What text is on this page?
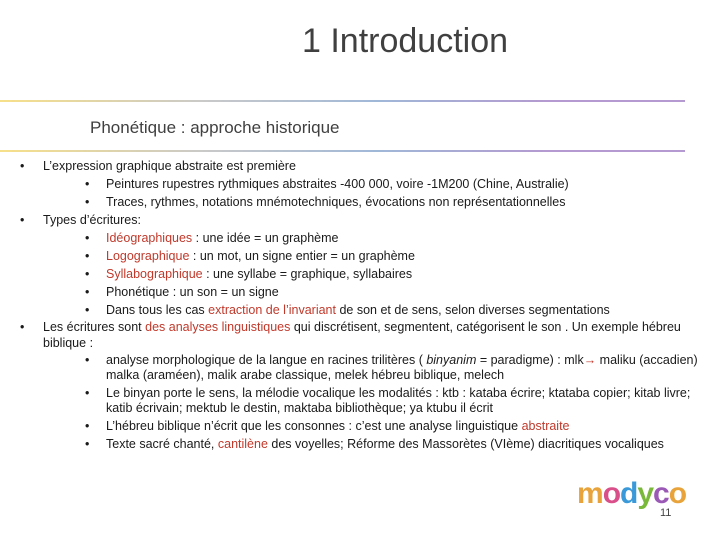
1 Introduction
Phonétique : approche historique
• L’expression graphique abstraite est première
• Peintures rupestres rythmiques abstraites -400 000, voire -1M200 (Chine, Australie)
• Traces, rythmes, notations mnémotechniques, évocations non représentationnelles
• Types d’écritures:
• Idéographiques : une idée = un graphème
• Logographique : un mot, un signe entier = un graphème
• Syllabographique : une syllabe = graphique, syllabaires
• Phonétique : un son = un signe
• Dans tous les cas extraction de l’invariant de son et de sens, selon diverses segmentations
• Les écritures sont des analyses linguistiques qui discrétisent, segmentent, catégorisent le son . Un exemple hébreu biblique :
• analyse morphologique de la langue en racines trilitères ( binyanim = paradigme) : mlk→ maliku (accadien) malka (araméen), malik arabe classique, melek hébreu biblique, melech
• Le binyan porte le sens, la mélodie vocalique les modalités : ktb : kataba écrire; ktataba copier; kitab livre; katib écrivain; mektub le destin, maktaba bibliothèque; ya ktubu il écrit
• L’hébreu biblique n’écrit que les consonnes : c’est une analyse linguistique abstraite
• Texte sacré chanté, cantilène des voyelles; Réforme des Massorètes (VIème) diacritiques vocaliques
modyco
11
